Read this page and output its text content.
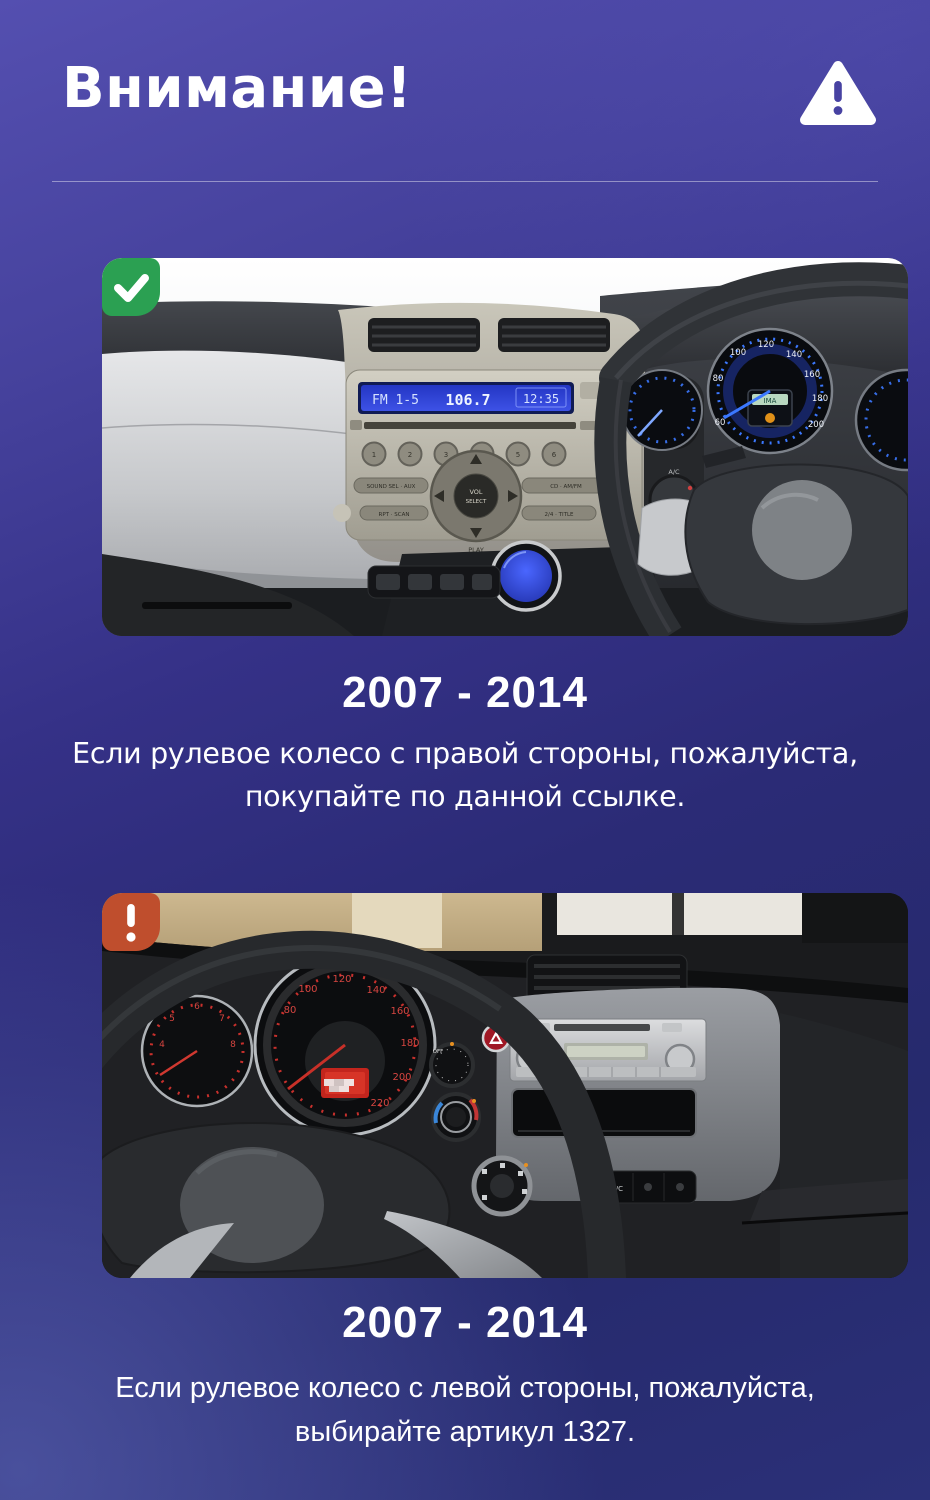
Внимание!
FM 1-5 106.7	12:35
1	2	3	5	6
SOUND SEL · AUX	CD · AM/FM
RPT · SCAN	2/4 · TITLE
VOL
SELECT
PLAY
A/C
60
80
100
120
140
160
180
200
IMA
2007 - 2014

Если рулевое колесо с правой стороны, пожалуйста,
покупайте по данной ссылке.

4
5
6
7
8
80
100
120
140
160
180
200
220
OFF
A/C
2007 - 2014

Если рулевое колесо с левой стороны, пожалуйста,
выбирайте артикул 1327.
